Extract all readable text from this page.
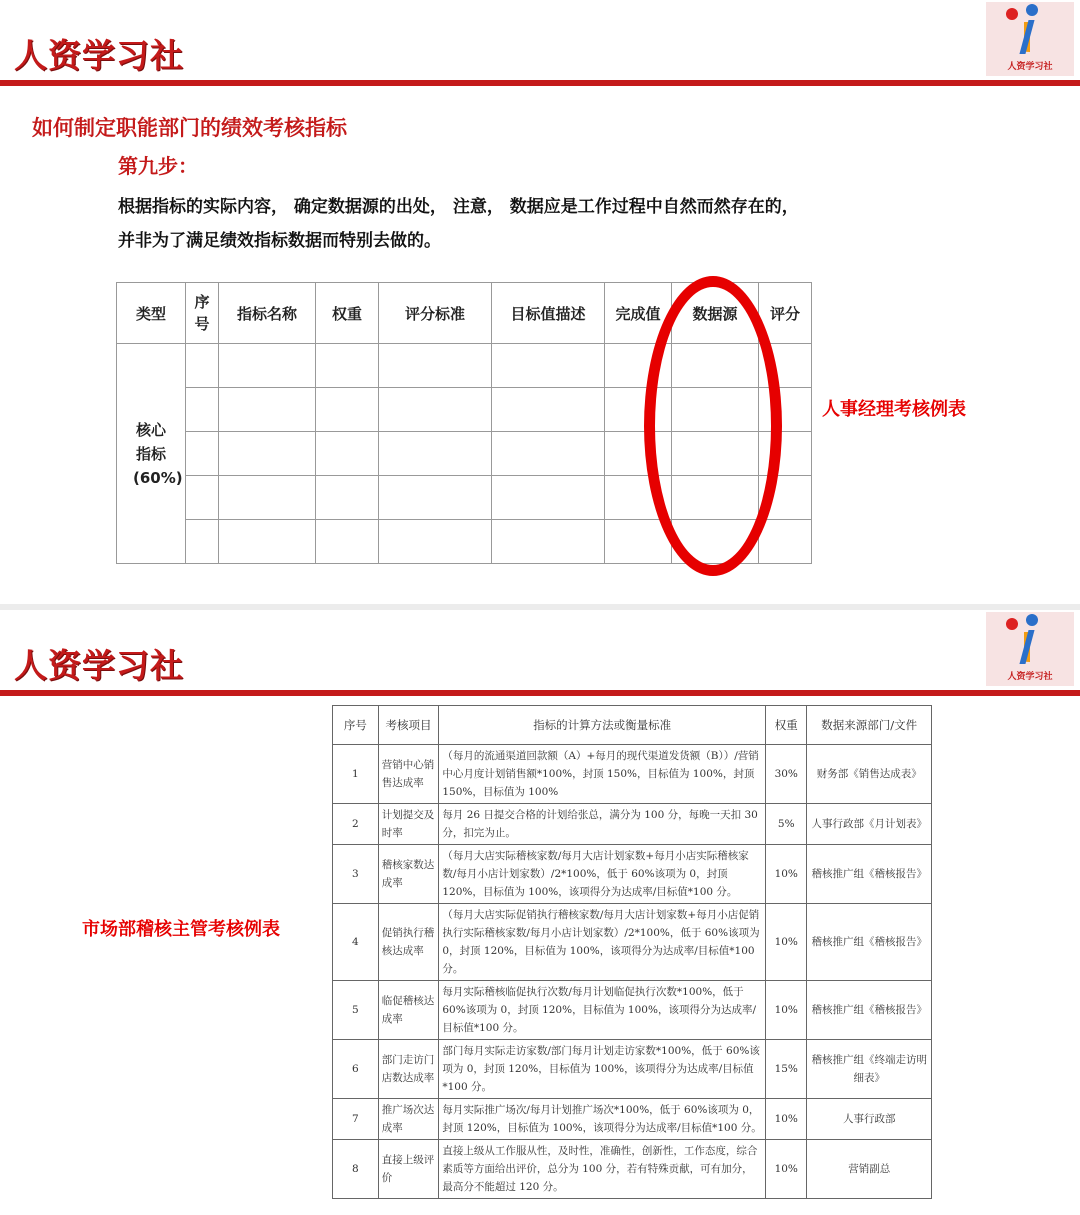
人资学习社	人资学习社
如何制定职能部门的绩效考核指标
第九步：
根据指标的实际内容， 确定数据源的出处， 注意， 数据应是工作过程中自然而然存在的，
并非为了满足绩效指标数据而特别去做的。
类型	序号	指标名称	权重	评分标准	目标值描述	完成值	数据源	评分
核心指标(60%)								

人事经理考核例表
人资学习社	人资学习社
市场部稽核主管考核例表
序号	考核项目	指标的计算方法或衡量标准	权重	数据来源部门/文件
1	营销中心销售达成率	（每月的流通渠道回款额（A）+每月的现代渠道发货额（B））/营销中心月度计划销售额*100%，封顶 150%，目标值为 100%，封顶 150%，目标值为 100%	30%	财务部《销售达成表》
2	计划提交及时率	每月 26 日提交合格的计划给张总，满分为 100 分，每晚一天扣 30 分，扣完为止。	5%	人事行政部《月计划表》
3	稽核家数达成率	（每月大店实际稽核家数/每月大店计划家数+每月小店实际稽核家数/每月小店计划家数）/2*100%，低于 60%该项为 0，封顶 120%，目标值为 100%，该项得分为达成率/目标值*100 分。	10%	稽核推广组《稽核报告》
4	促销执行稽核达成率	（每月大店实际促销执行稽核家数/每月大店计划家数+每月小店促销执行实际稽核家数/每月小店计划家数）/2*100%，低于 60%该项为 0，封顶 120%，目标值为 100%，该项得分为达成率/目标值*100 分。	10%	稽核推广组《稽核报告》
5	临促稽核达成率	每月实际稽核临促执行次数/每月计划临促执行次数*100%，低于 60%该项为 0，封顶 120%，目标值为 100%，该项得分为达成率/目标值*100 分。	10%	稽核推广组《稽核报告》
6	部门走访门店数达成率	部门每月实际走访家数/部门每月计划走访家数*100%，低于 60%该项为 0，封顶 120%，目标值为 100%，该项得分为达成率/目标值*100 分。	15%	稽核推广组《终端走访明细表》
7	推广场次达成率	每月实际推广场次/每月计划推广场次*100%，低于 60%该项为 0，封顶 120%，目标值为 100%，该项得分为达成率/目标值*100 分。	10%	人事行政部
8	直接上级评价	直接上级从工作服从性，及时性，准确性，创新性，工作态度，综合素质等方面给出评价，总分为 100 分，若有特殊贡献，可有加分，最高分不能超过 120 分。	10%	营销副总
